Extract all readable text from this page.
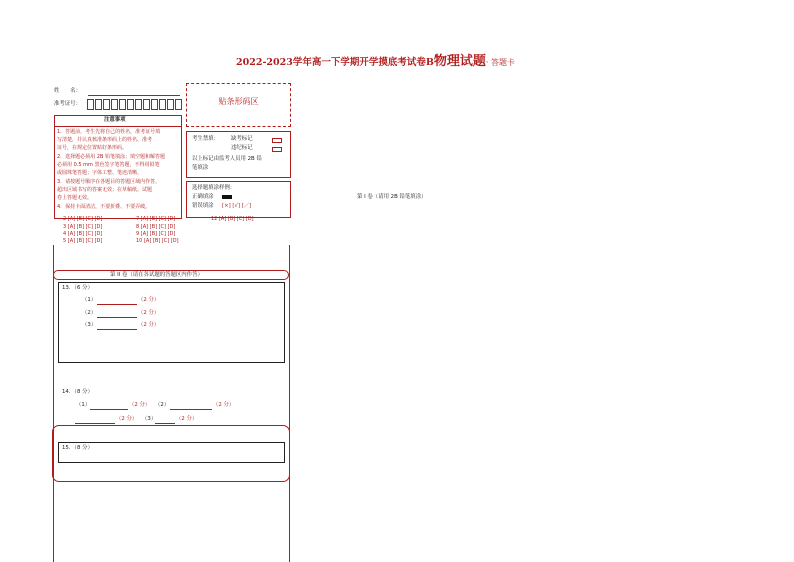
2022-2023学年高一下学期开学摸底考试卷B物理试题· 答题卡
姓　　名：
准考证号：	贴条形码区
注意事项
1．答题前，考生先将自己的姓名，准考证号填
写清楚，并认真核准条形码上的姓名、准考
证号，在规定位置贴好条形码。
2．选择题必须用 2B 铅笔填涂；填空题和解答题
必须用 0.5 mm 黑色签字笔答题，不得用铅笔
或圆珠笔答题；字体工整、笔迹清晰。
3．请按题号顺序在各题目的答题区域内作答，
超出区域书写的答案无效；在草稿纸、试题
卷上答题无效。
4．保持卡面清洁，不要折叠、不要弄破。
考生禁填： 缺考标记
违纪标记
以上标记由监考人员用 2B 铅
笔填涂
选择题填涂样例：
正确填涂
错误填涂 [×] [√] [／]
2 [A] [B] [C] [D]	7 [A] [B] [C] [D]	12 [A] [B] [C] [D]
3 [A] [B] [C] [D]	8 [A] [B] [C] [D]
4 [A] [B] [C] [D]	9 [A] [B] [C] [D]
5 [A] [B] [C] [D]	10 [A] [B] [C] [D]
第 I 卷（请用 2B 铅笔填涂）
第 II 卷（请在各试题的答题区内作答）
13．（6 分）
（1）	（2 分）
（2）	（2 分）
（3）	（2 分）
14．（8 分）
（1）	（2 分） （2）	（2 分）
（2 分） （3）	（2 分）
15．（8 分）
